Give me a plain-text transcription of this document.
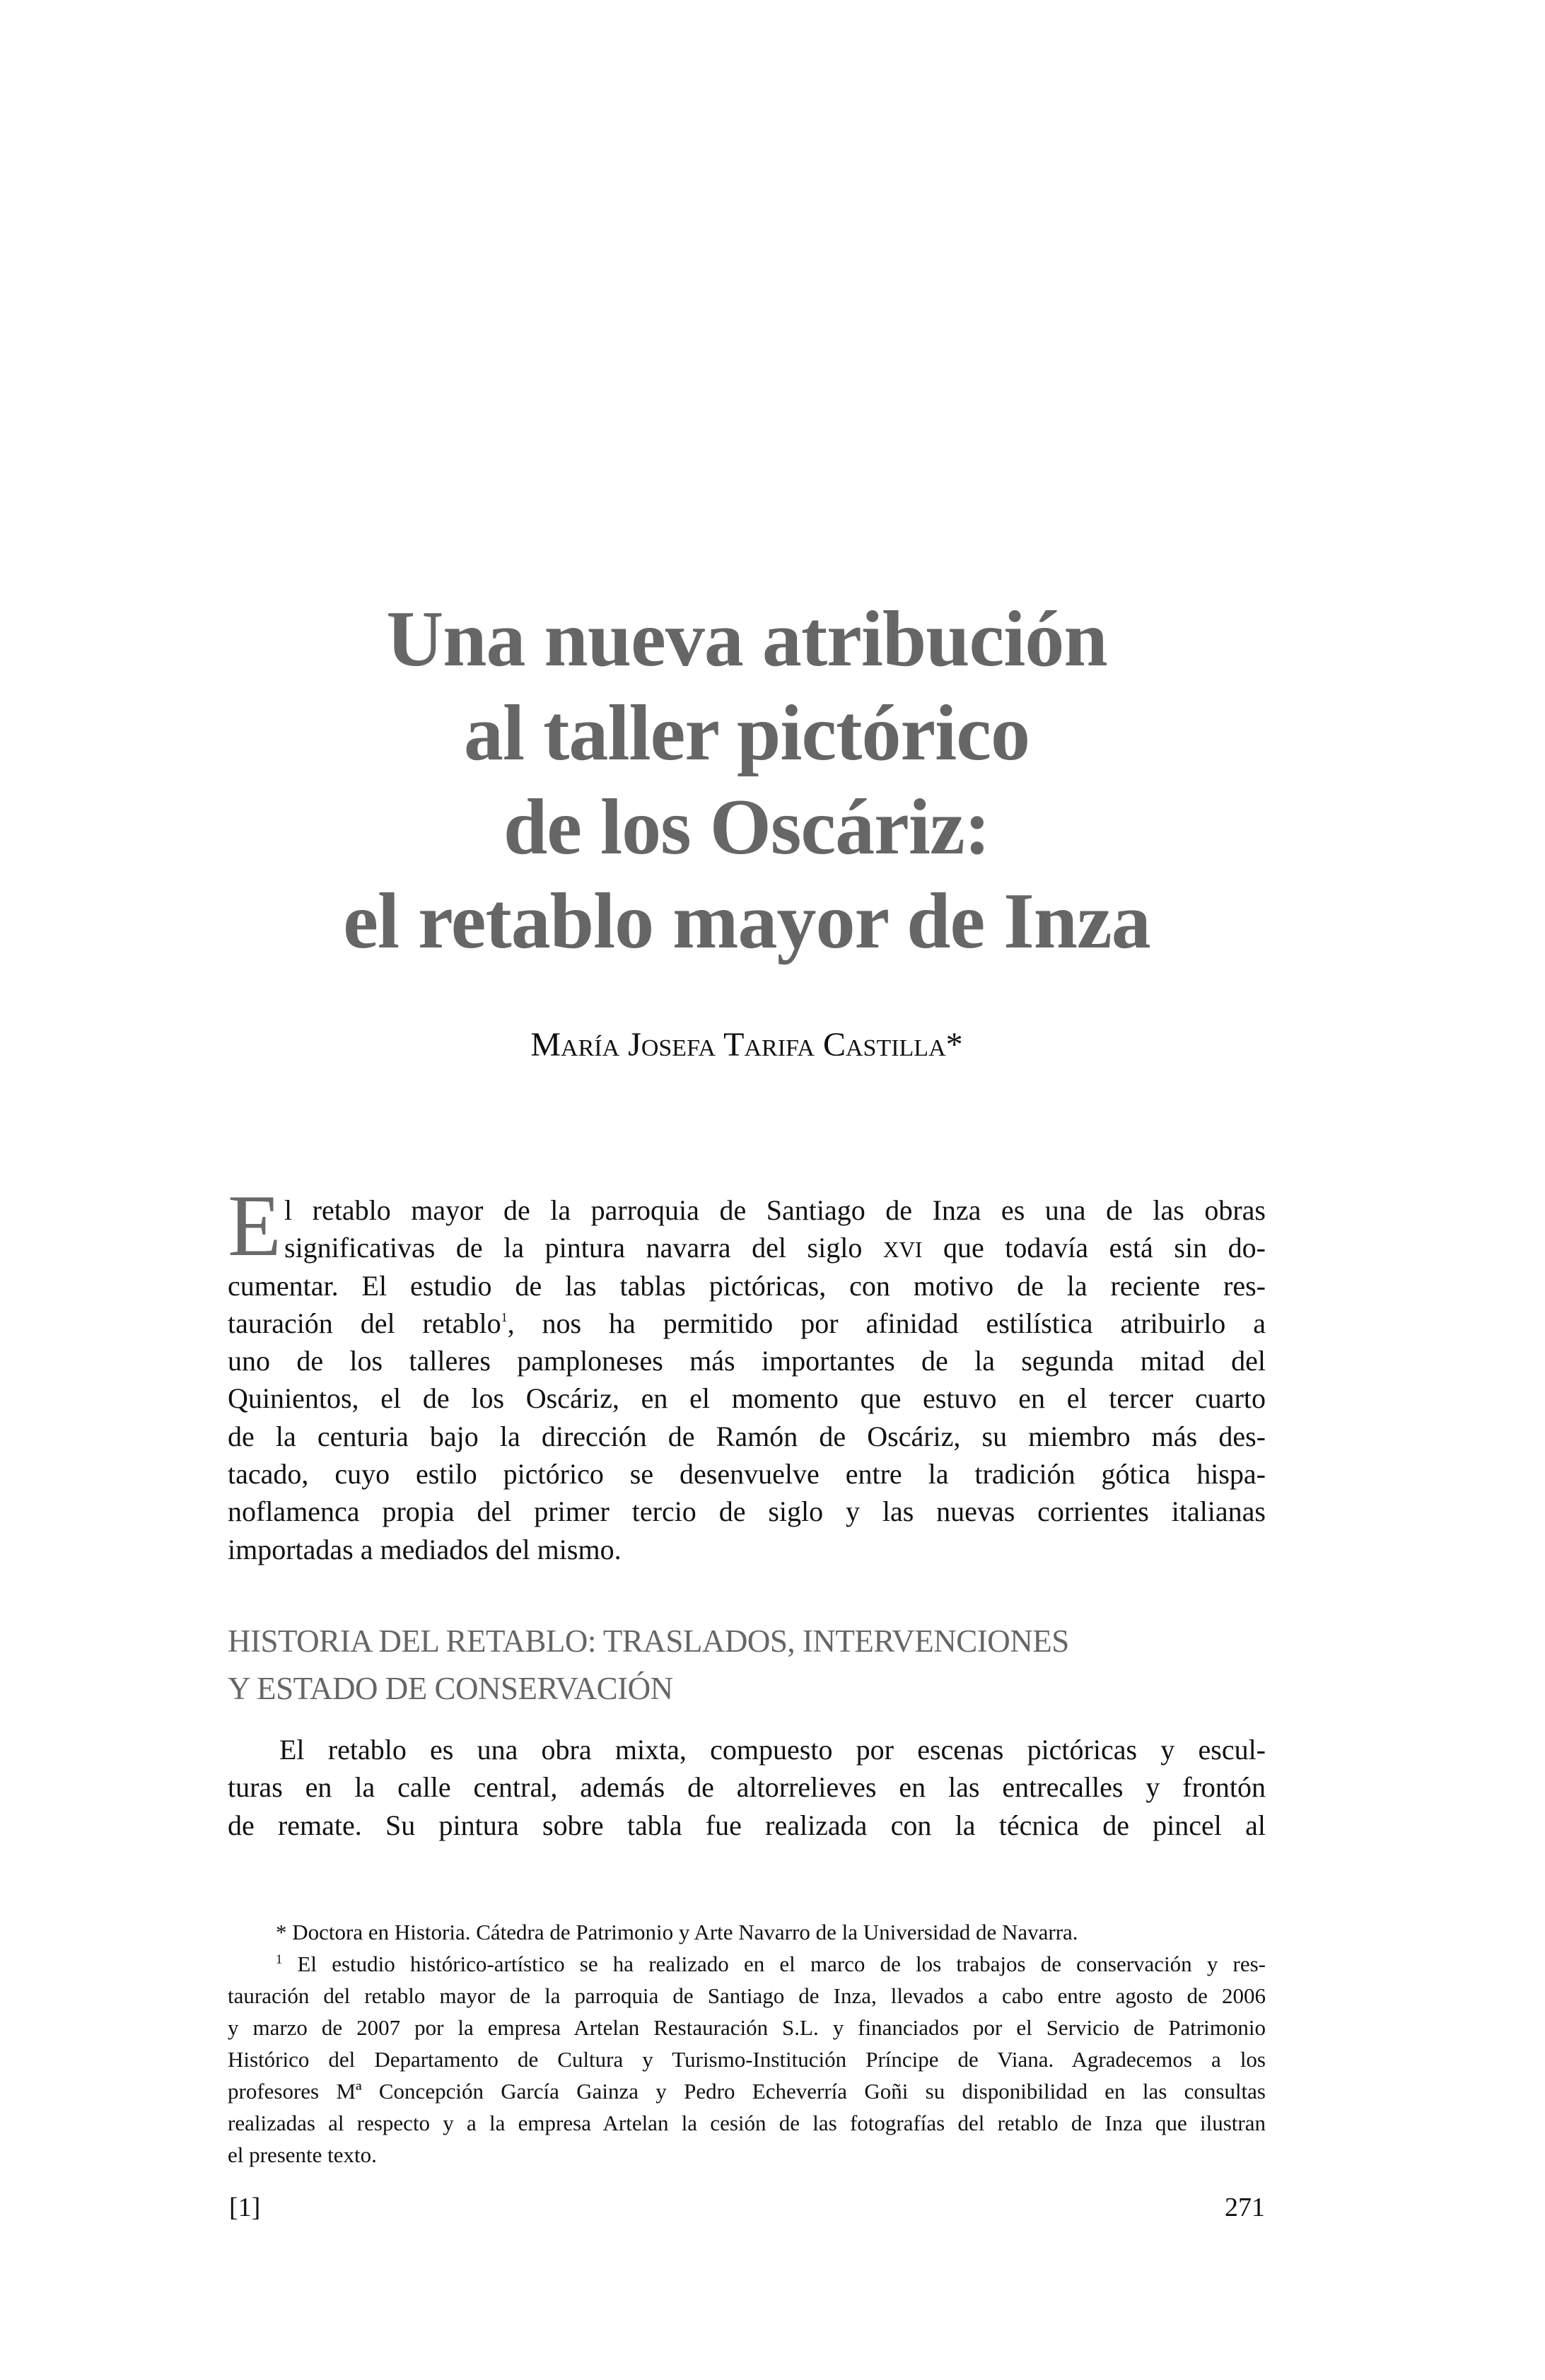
Una nueva atribución
al taller pictórico
de los Oscáriz:
el retablo mayor de Inza

María Josefa Tarifa Castilla*

E l retablo mayor de la parroquia de Santiago de Inza es una de las obras
significativas de la pintura navarra del siglo XVI que todavía está sin do-
cumentar. El estudio de las tablas pictóricas, con motivo de la reciente res-
tauración del retablo$^1$, nos ha permitido por afinidad estilística atribuirlo a
uno de los talleres pamploneses más importantes de la segunda mitad del
Quinientos, el de los Oscáriz, en el momento que estuvo en el tercer cuarto
de la centuria bajo la dirección de Ramón de Oscáriz, su miembro más des-
tacado, cuyo estilo pictórico se desenvuelve entre la tradición gótica hispa-
noflamenca propia del primer tercio de siglo y las nuevas corrientes italianas
importadas a mediados del mismo.
HISTORIA DEL RETABLO: TRASLADOS, INTERVENCIONES
Y ESTADO DE CONSERVACIÓN
El retablo es una obra mixta, compuesto por escenas pictóricas y escul-
turas en la calle central, además de altorrelieves en las entrecalles y frontón
de remate. Su pintura sobre tabla fue realizada con la técnica de pincel al
* Doctora en Historia. Cátedra de Patrimonio y Arte Navarro de la Universidad de Navarra.
$^1$ El estudio histórico-artístico se ha realizado en el marco de los trabajos de conservación y res-
tauración del retablo mayor de la parroquia de Santiago de Inza, llevados a cabo entre agosto de 2006
y marzo de 2007 por la empresa Artelan Restauración S.L. y financiados por el Servicio de Patrimonio
Histórico del Departamento de Cultura y Turismo-Institución Príncipe de Viana. Agradecemos a los
profesores Mª Concepción García Gainza y Pedro Echeverría Goñi su disponibilidad en las consultas
realizadas al respecto y a la empresa Artelan la cesión de las fotografías del retablo de Inza que ilustran
el presente texto.
[1]	271
